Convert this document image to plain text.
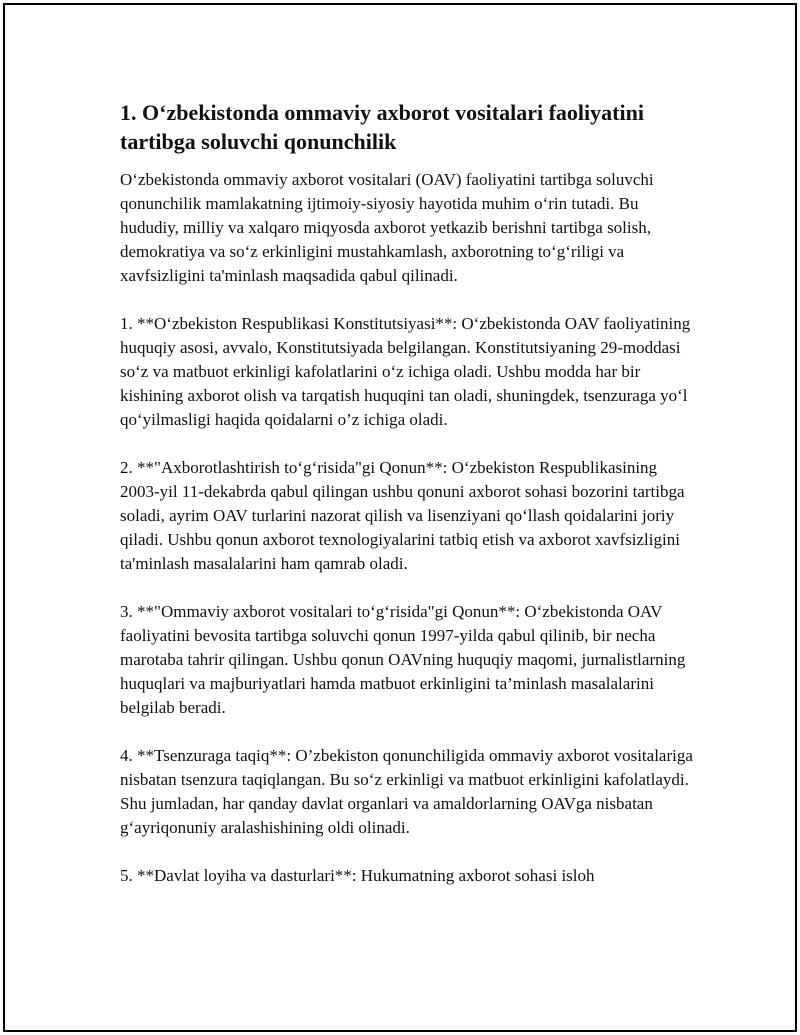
1. O‘zbekistonda ommaviy axborot vositalari faoliyatini tartibga soluvchi qonunchilik

O‘zbekistonda ommaviy axborot vositalari (OAV) faoliyatini tartibga soluvchi qonunchilik mamlakatning ijtimoiy-siyosiy hayotida muhim o‘rin tutadi. Bu hududiy, milliy va xalqaro miqyosda axborot yetkazib berishni tartibga solish, demokratiya va so‘z erkinligini mustahkamlash, axborotning to‘g‘riligi va xavfsizligini ta'minlash maqsadida qabul qilinadi.

1. **O‘zbekiston Respublikasi Konstitutsiyasi**: O‘zbekistonda OAV faoliyatining huquqiy asosi, avvalo, Konstitutsiyada belgilangan. Konstitutsiyaning 29-moddasi so‘z va matbuot erkinligi kafolatlarini o‘z ichiga oladi. Ushbu modda har bir kishining axborot olish va tarqatish huquqini tan oladi, shuningdek, tsenzuraga yo‘l qo‘yilmasligi haqida qoidalarni o’z ichiga oladi.

2. **"Axborotlashtirish to‘g‘risida"gi Qonun**: O‘zbekiston Respublikasining 2003-yil 11-dekabrda qabul qilingan ushbu qonuni axborot sohasi bozorini tartibga soladi, ayrim OAV turlarini nazorat qilish va lisenziyani qo‘llash qoidalarini joriy qiladi. Ushbu qonun axborot texnologiyalarini tatbiq etish va axborot xavfsizligini ta'minlash masalalarini ham qamrab oladi.

3. **"Ommaviy axborot vositalari to‘g‘risida"gi Qonun**: O‘zbekistonda OAV faoliyatini bevosita tartibga soluvchi qonun 1997-yilda qabul qilinib, bir necha marotaba tahrir qilingan. Ushbu qonun OAVning huquqiy maqomi, jurnalistlarning huquqlari va majburiyatlari hamda matbuot erkinligini ta’minlash masalalarini belgilab beradi.

4. **Tsenzuraga taqiq**: O’zbekiston qonunchiligida ommaviy axborot vositalariga nisbatan tsenzura taqiqlangan. Bu so‘z erkinligi va matbuot erkinligini kafolatlaydi. Shu jumladan, har qanday davlat organlari va amaldorlarning OAVga nisbatan g‘ayriqonuniy aralashishining oldi olinadi.

5. **Davlat loyiha va dasturlari**: Hukumatning axborot sohasi isloh
